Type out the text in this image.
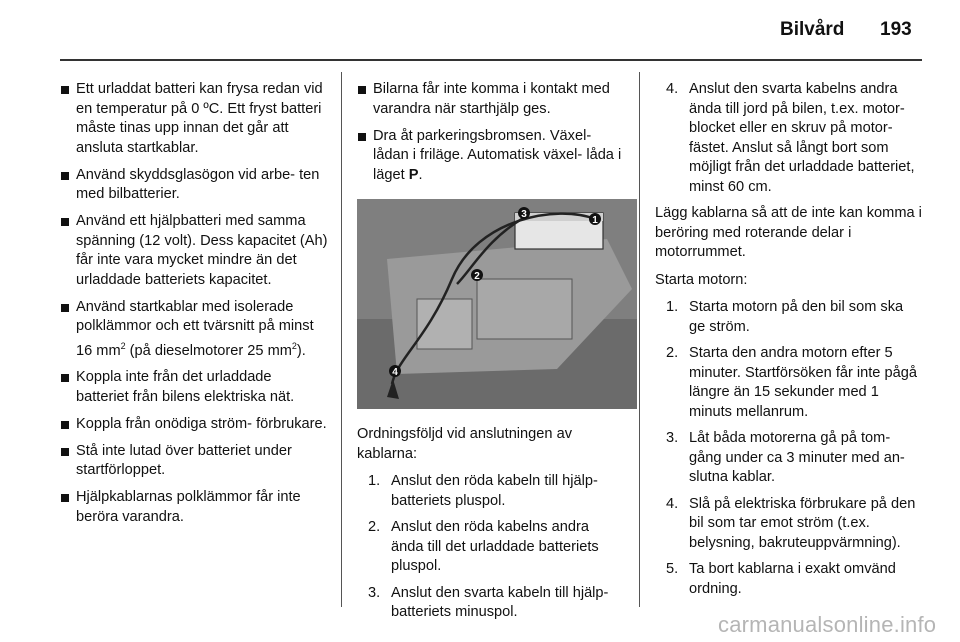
Bilvård 193
Ett urladdat batteri kan frysa redan vid en temperatur på 0 ºC. Ett fryst batteri måste tinas upp innan det går att ansluta startkablar.
Använd skyddsglasögon vid arbe- ten med bilbatterier.
Använd ett hjälpbatteri med samma spänning (12 volt). Dess kapacitet (Ah) får inte vara mycket mindre än det urladdade batteriets kapacitet.
Använd startkablar med isolerade polklämmor och ett tvärsnitt på minst 16 $mm^2$ (på dieselmotorer 25 $mm^2$).
Koppla inte från det urladdade batteriet från bilens elektriska nät.
Koppla från onödiga ström- förbrukare.
Stå inte lutad över batteriet under startförloppet.
Hjälpkablarnas polklämmor får inte beröra varandra.
Bilarna får inte komma i kontakt med varandra när starthjälp ges.
Dra åt parkeringsbromsen. Växel- lådan i friläge. Automatisk växel- låda i läget P.
1
2
3
4
Ordningsföljd vid anslutningen av kablarna:
1. Anslut den röda kabeln till hjälp- batteriets pluspol.
2. Anslut den röda kabelns andra ända till det urladdade batteriets pluspol.
3. Anslut den svarta kabeln till hjälp- batteriets minuspol.
4. Anslut den svarta kabelns andra ända till jord på bilen, t.ex. motor- blocket eller en skruv på motor- fästet. Anslut så långt bort som möjligt från det urladdade batteriet, minst 60 cm.
Lägg kablarna så att de inte kan komma i beröring med roterande delar i motorrummet.
Starta motorn:
1. Starta motorn på den bil som ska ge ström.
2. Starta den andra motorn efter 5 minuter. Startförsöken får inte pågå längre än 15 sekunder med 1 minuts mellanrum.
3. Låt båda motorerna gå på tom- gång under ca 3 minuter med an- slutna kablar.
4. Slå på elektriska förbrukare på den bil som tar emot ström (t.ex. belysning, bakruteuppvärmning).
5. Ta bort kablarna i exakt omvänd ordning.
carmanualsonline.info
